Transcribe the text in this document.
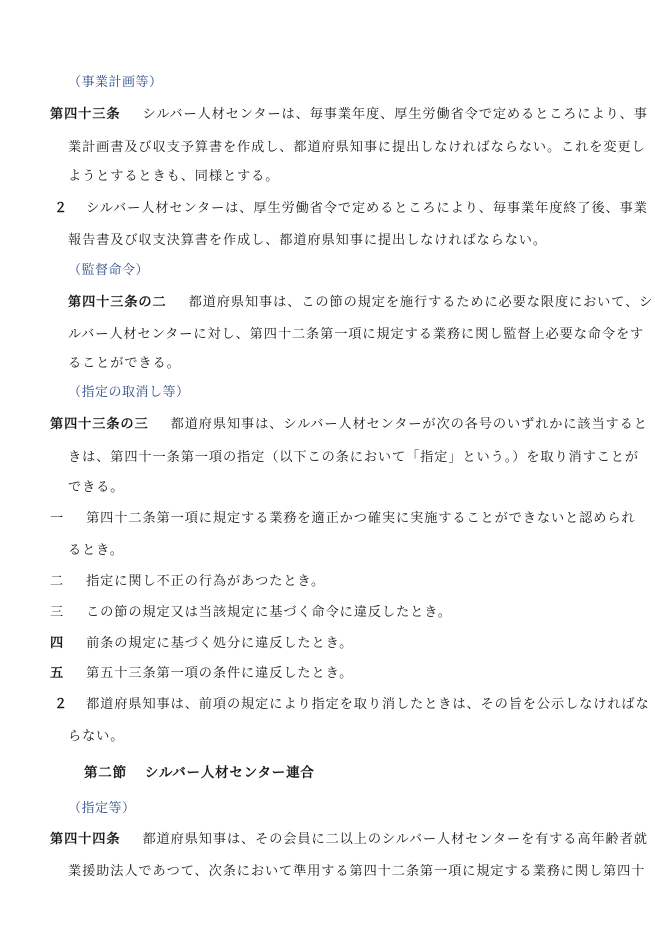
（事業計画等）
第四十三条 シルバー人材センターは、毎事業年度、厚生労働省令で定めるところにより、事
業計画書及び収支予算書を作成し、都道府県知事に提出しなければならない。これを変更し
ようとするときも、同様とする。
２ シルバー人材センターは、厚生労働省令で定めるところにより、毎事業年度終了後、事業
報告書及び収支決算書を作成し、都道府県知事に提出しなければならない。
（監督命令）
第四十三条の二 都道府県知事は、この節の規定を施行するために必要な限度において、シ
ルバー人材センターに対し、第四十二条第一項に規定する業務に関し監督上必要な命令をす
ることができる。
（指定の取消し等）
第四十三条の三 都道府県知事は、シルバー人材センターが次の各号のいずれかに該当すると
きは、第四十一条第一項の指定（以下この条において「指定」という。）を取り消すことが
できる。
一 第四十二条第一項に規定する業務を適正かつ確実に実施することができないと認められ
るとき。
二 指定に関し不正の行為があつたとき。
三 この節の規定又は当該規定に基づく命令に違反したとき。
四 前条の規定に基づく処分に違反したとき。
五 第五十三条第一項の条件に違反したとき。
２ 都道府県知事は、前項の規定により指定を取り消したときは、その旨を公示しなければな
らない。
第二節 シルバー人材センター連合
（指定等）
第四十四条 都道府県知事は、その会員に二以上のシルバー人材センターを有する高年齢者就
業援助法人であつて、次条において準用する第四十二条第一項に規定する業務に関し第四十
